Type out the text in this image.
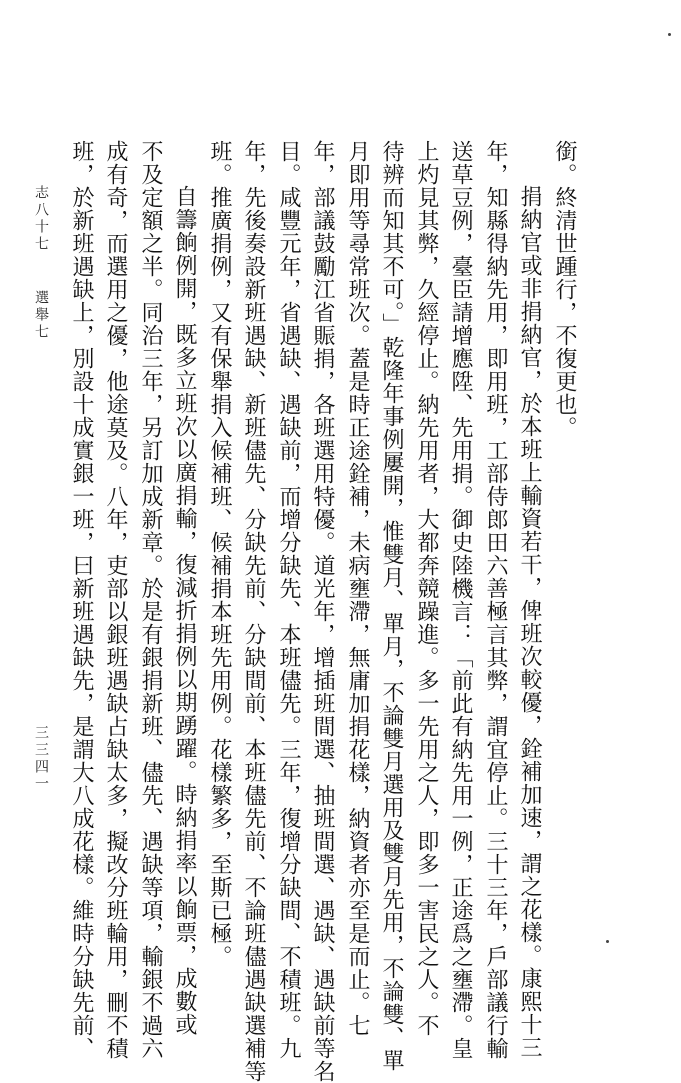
銜。終清世踵行，不復更也。
捐納官或非捐納官，於本班上輸資若干，俾班次較優，銓補加速，謂之花樣。康熙十三
年，知縣得納先用，即用班，工部侍郎田六善極言其弊，謂宜停止。三十三年，戶部議行輸
送草豆例，臺臣請增應陞、先用捐。御史陸機言：「前此有納先用一例，正途爲之壅滯。皇
上灼見其弊，久經停止。納先用者，大都奔競躁進。多一先用之人，即多一害民之人。不
待辨而知其不可。」乾隆年事例屢開，惟雙月、單月，不論雙月選用及雙月先用，不論雙、單
月即用等尋常班次。蓋是時正途銓補，未病壅滯，無庸加捐花樣，納資者亦至是而止。七
年，部議鼓勵江省賑捐，各班選用特優。道光年，增插班間選、抽班間選、遇缺、遇缺前等名
目。咸豐元年，省遇缺、遇缺前，而增分缺先、本班儘先。三年，復增分缺間、不積班。九
年，先後奏設新班遇缺、新班儘先、分缺先前、分缺間前、本班儘先前、不論班儘遇缺選補等
班。推廣捐例，又有保舉捐入候補班、候補捐本班先用例。花樣繁多，至斯已極。
自籌餉例開，既多立班次以廣捐輸，復減折捐例以期踴躍。時納捐率以餉票，成數或
不及定額之半。同治三年，另訂加成新章。於是有銀捐新班、儘先、遇缺等項，輸銀不過六
成有奇，而選用之優，他途莫及。八年，吏部以銀班遇缺占缺太多，擬改分班輪用，刪不積
班，於新班遇缺上，別設十成實銀一班，曰新班遇缺先，是謂大八成花樣。維時分缺先前、
志八十七
選舉七
三三四一
